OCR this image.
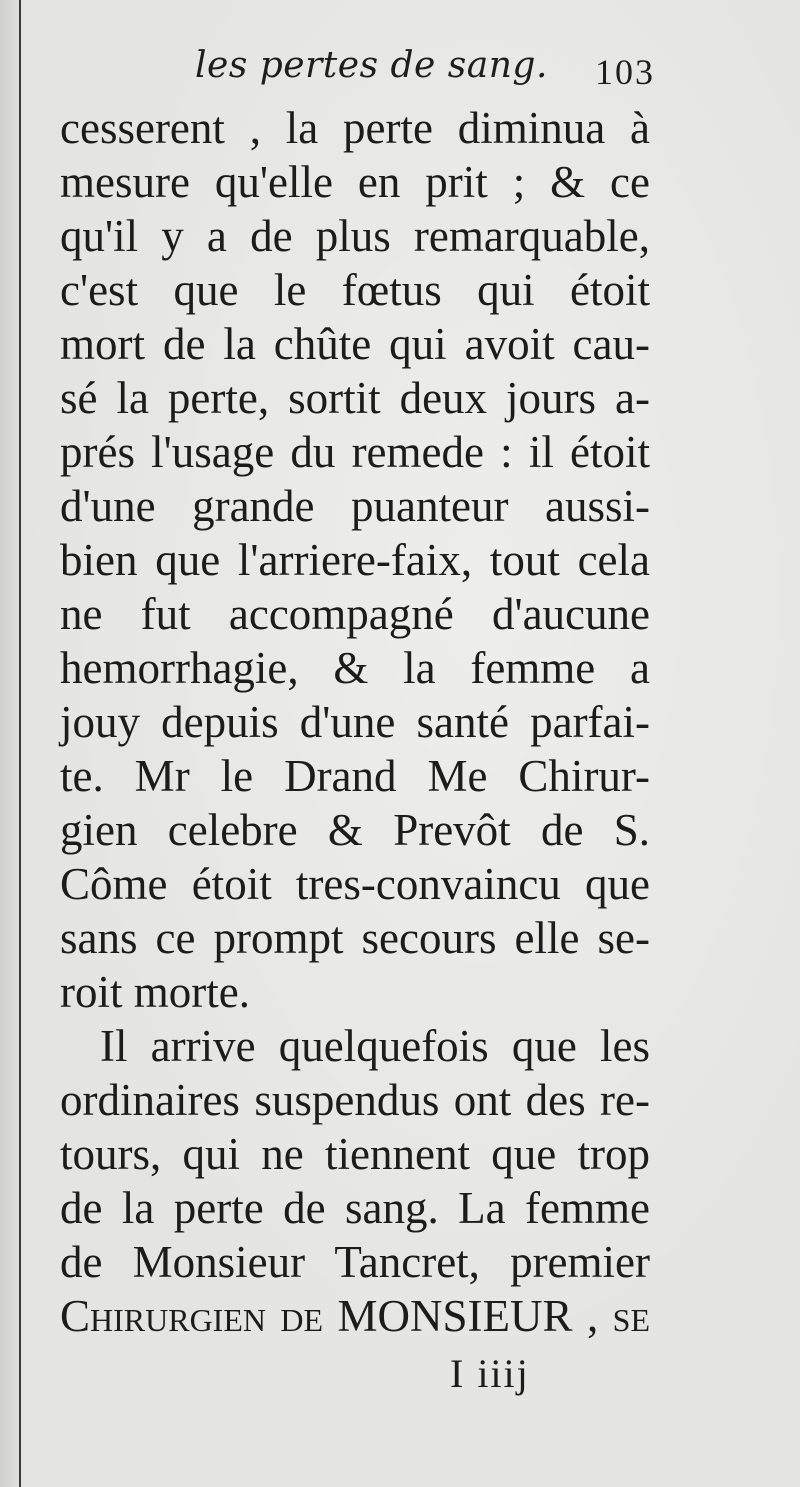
les pertes de sang. 103
cesserent , la perte diminua à
mesure qu'elle en prit ; & ce
qu'il y a de plus remarquable,
c'est que le fœtus qui étoit
mort de la chûte qui avoit cau-
sé la perte, sortit deux jours a-
prés l'usage du remede : il étoit
d'une grande puanteur aussi-
bien que l'arriere-faix, tout cela
ne fut accompagné d'aucune
hemorrhagie, & la femme a
jouy depuis d'une santé parfai-
te. Mr le Drand Me Chirur-
gien celebre & Prevôt de S.
Côme étoit tres-convaincu que
sans ce prompt secours elle se-
roit morte.
Il arrive quelquefois que les
ordinaires suspendus ont des re-
tours, qui ne tiennent que trop
de la perte de sang. La femme
de Monsieur Tancret, premier
Chirurgien de MONSIEUR , se
I iiij
